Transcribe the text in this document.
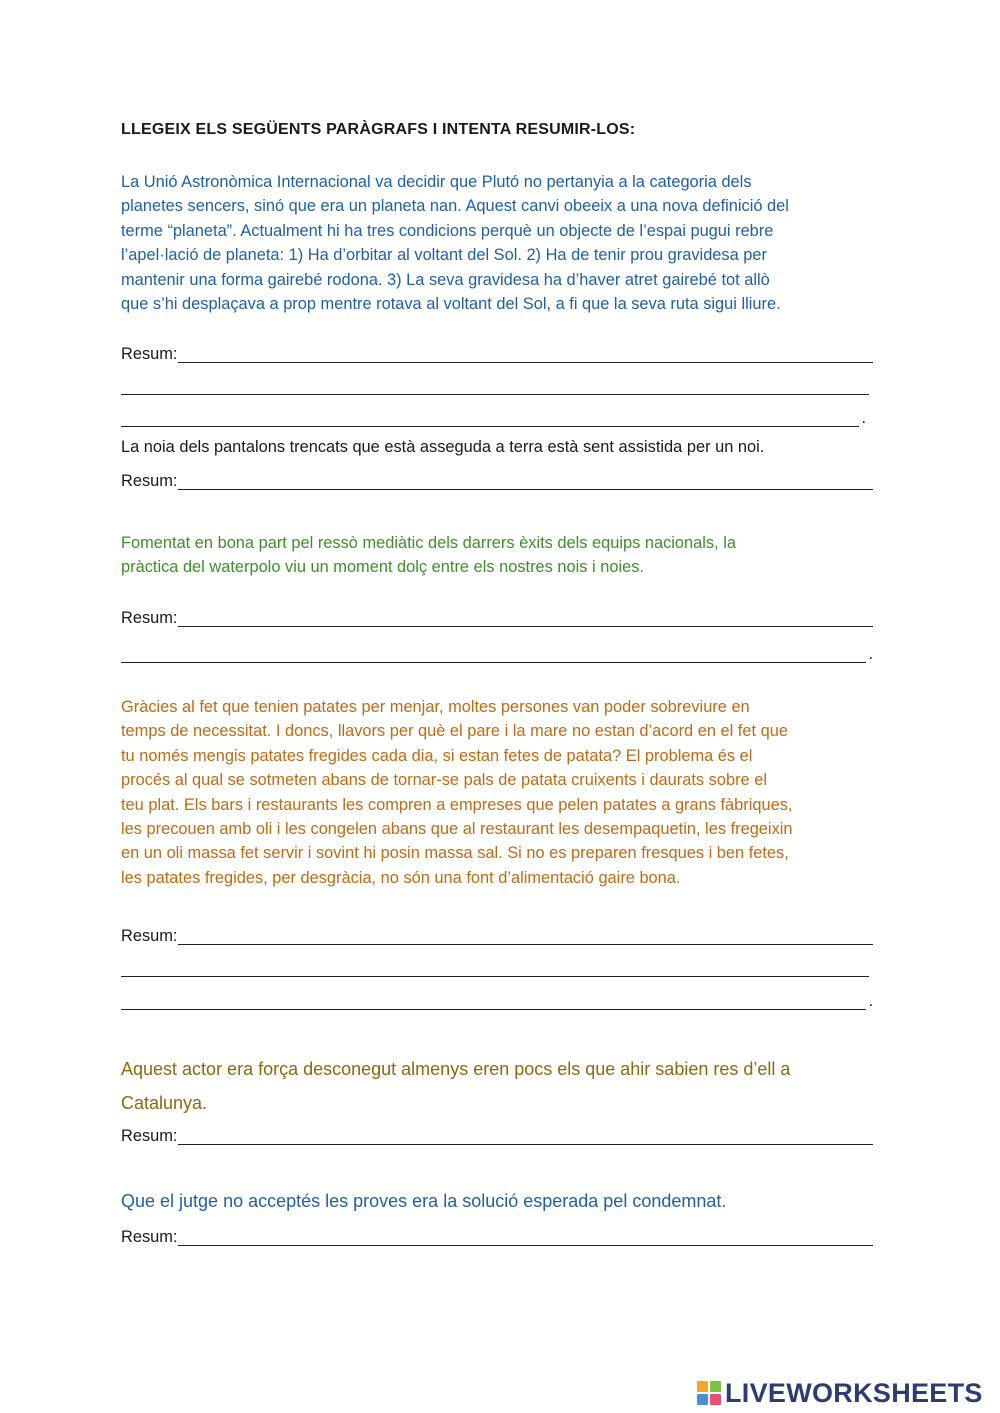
LLEGEIX ELS SEGÜENTS PARÀGRAFS I INTENTA RESUMIR-LOS:
La Unió Astronòmica Internacional va decidir que Plutó no pertanyia a la categoria dels
planetes sencers, sinó que era un planeta nan. Aquest canvi obeeix a una nova definició del
terme “planeta”. Actualment hi ha tres condicions perquè un objecte de l’espai pugui rebre
l’apel·lació de planeta: 1) Ha d’orbitar al voltant del Sol. 2) Ha de tenir prou gravidesa per
mantenir una forma gairebé rodona. 3) La seva gravidesa ha d’haver atret gairebé tot allò
que s’hi desplaçava a prop mentre rotava al voltant del Sol, a fi que la seva ruta sigui lliure.
Resum:
.
La noia dels pantalons trencats que està asseguda a terra està sent assistida per un noi.
Resum:
Fomentat en bona part pel ressò mediàtic dels darrers èxits dels equips nacionals, la
pràctica del waterpolo viu un moment dolç entre els nostres nois i noies.
Resum:
.
Gràcies al fet que tenien patates per menjar, moltes persones van poder sobreviure en
temps de necessitat. I doncs, llavors per què el pare i la mare no estan d’acord en el fet que
tu només mengis patates fregides cada dia, si estan fetes de patata? El problema és el
procés al qual se sotmeten abans de tornar-se pals de patata cruixents i daurats sobre el
teu plat. Els bars i restaurants les compren a empreses que pelen patates a grans fàbriques,
les precouen amb oli i les congelen abans que al restaurant les desempaquetin, les fregeixin
en un oli massa fet servir i sovint hi posin massa sal. Si no es preparen fresques i ben fetes,
les patates fregides, per desgràcia, no són una font d’alimentació gaire bona.
Resum:
.
Aquest actor era força desconegut almenys eren pocs els que ahir sabien res d’ell a
Catalunya.
Resum:
Que el jutge no acceptés les proves era la solució esperada pel condemnat.
Resum:
LIVEWORKSHEETS
